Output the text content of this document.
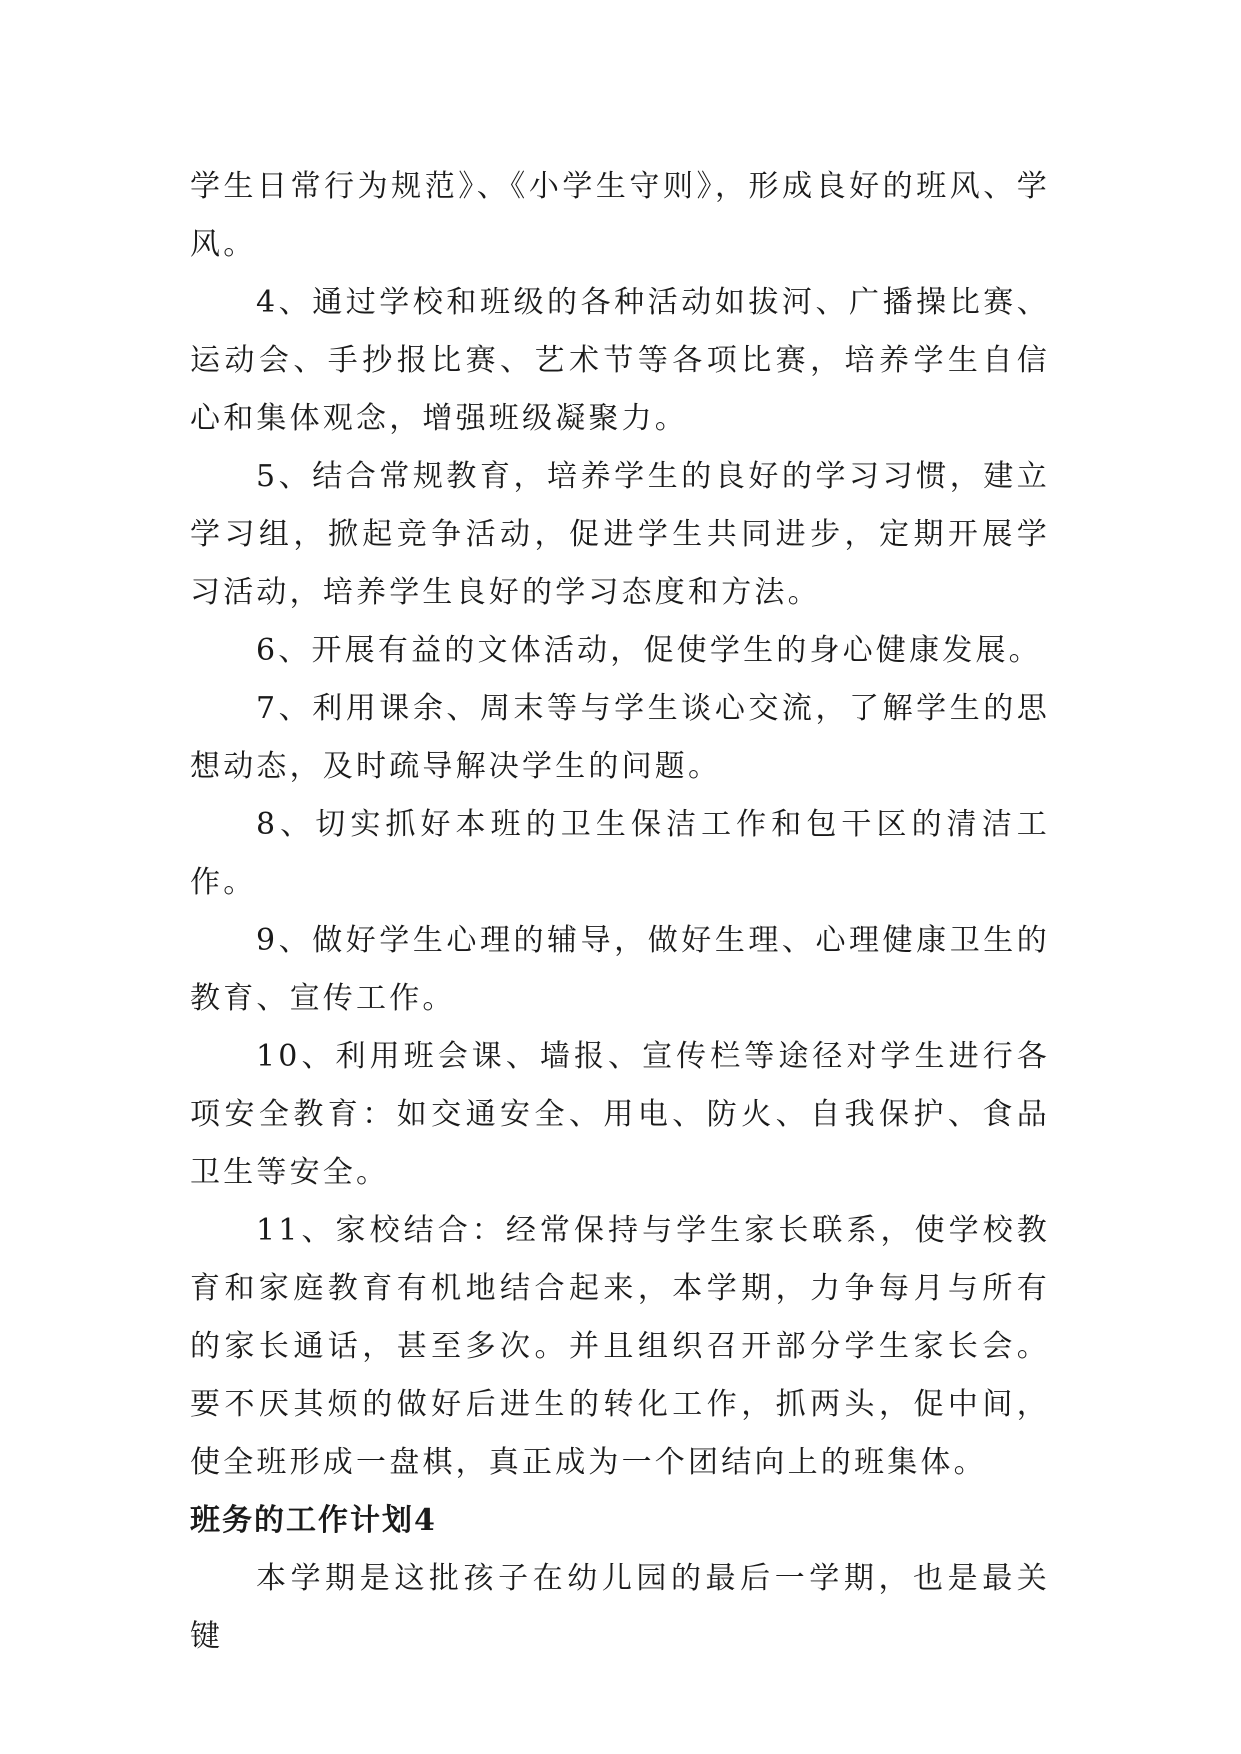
学生日常行为规范》、《小学生守则》，形成良好的班风、学风。

4、通过学校和班级的各种活动如拔河、广播操比赛、运动会、手抄报比赛、艺术节等各项比赛，培养学生自信心和集体观念，增强班级凝聚力。

5、结合常规教育，培养学生的良好的学习习惯，建立学习组，掀起竞争活动，促进学生共同进步，定期开展学习活动，培养学生良好的学习态度和方法。

6、开展有益的文体活动，促使学生的身心健康发展。

7、利用课余、周末等与学生谈心交流，了解学生的思想动态，及时疏导解决学生的问题。

8、切实抓好本班的卫生保洁工作和包干区的清洁工作。

9、做好学生心理的辅导，做好生理、心理健康卫生的教育、宣传工作。

10、利用班会课、墙报、宣传栏等途径对学生进行各项安全教育：如交通安全、用电、防火、自我保护、食品卫生等安全。

11、家校结合：经常保持与学生家长联系，使学校教育和家庭教育有机地结合起来，本学期，力争每月与所有的家长通话，甚至多次。并且组织召开部分学生家长会。要不厌其烦的做好后进生的转化工作，抓两头，促中间，使全班形成一盘棋，真正成为一个团结向上的班集体。

班务的工作计划4

本学期是这批孩子在幼儿园的最后一学期，也是最关键
